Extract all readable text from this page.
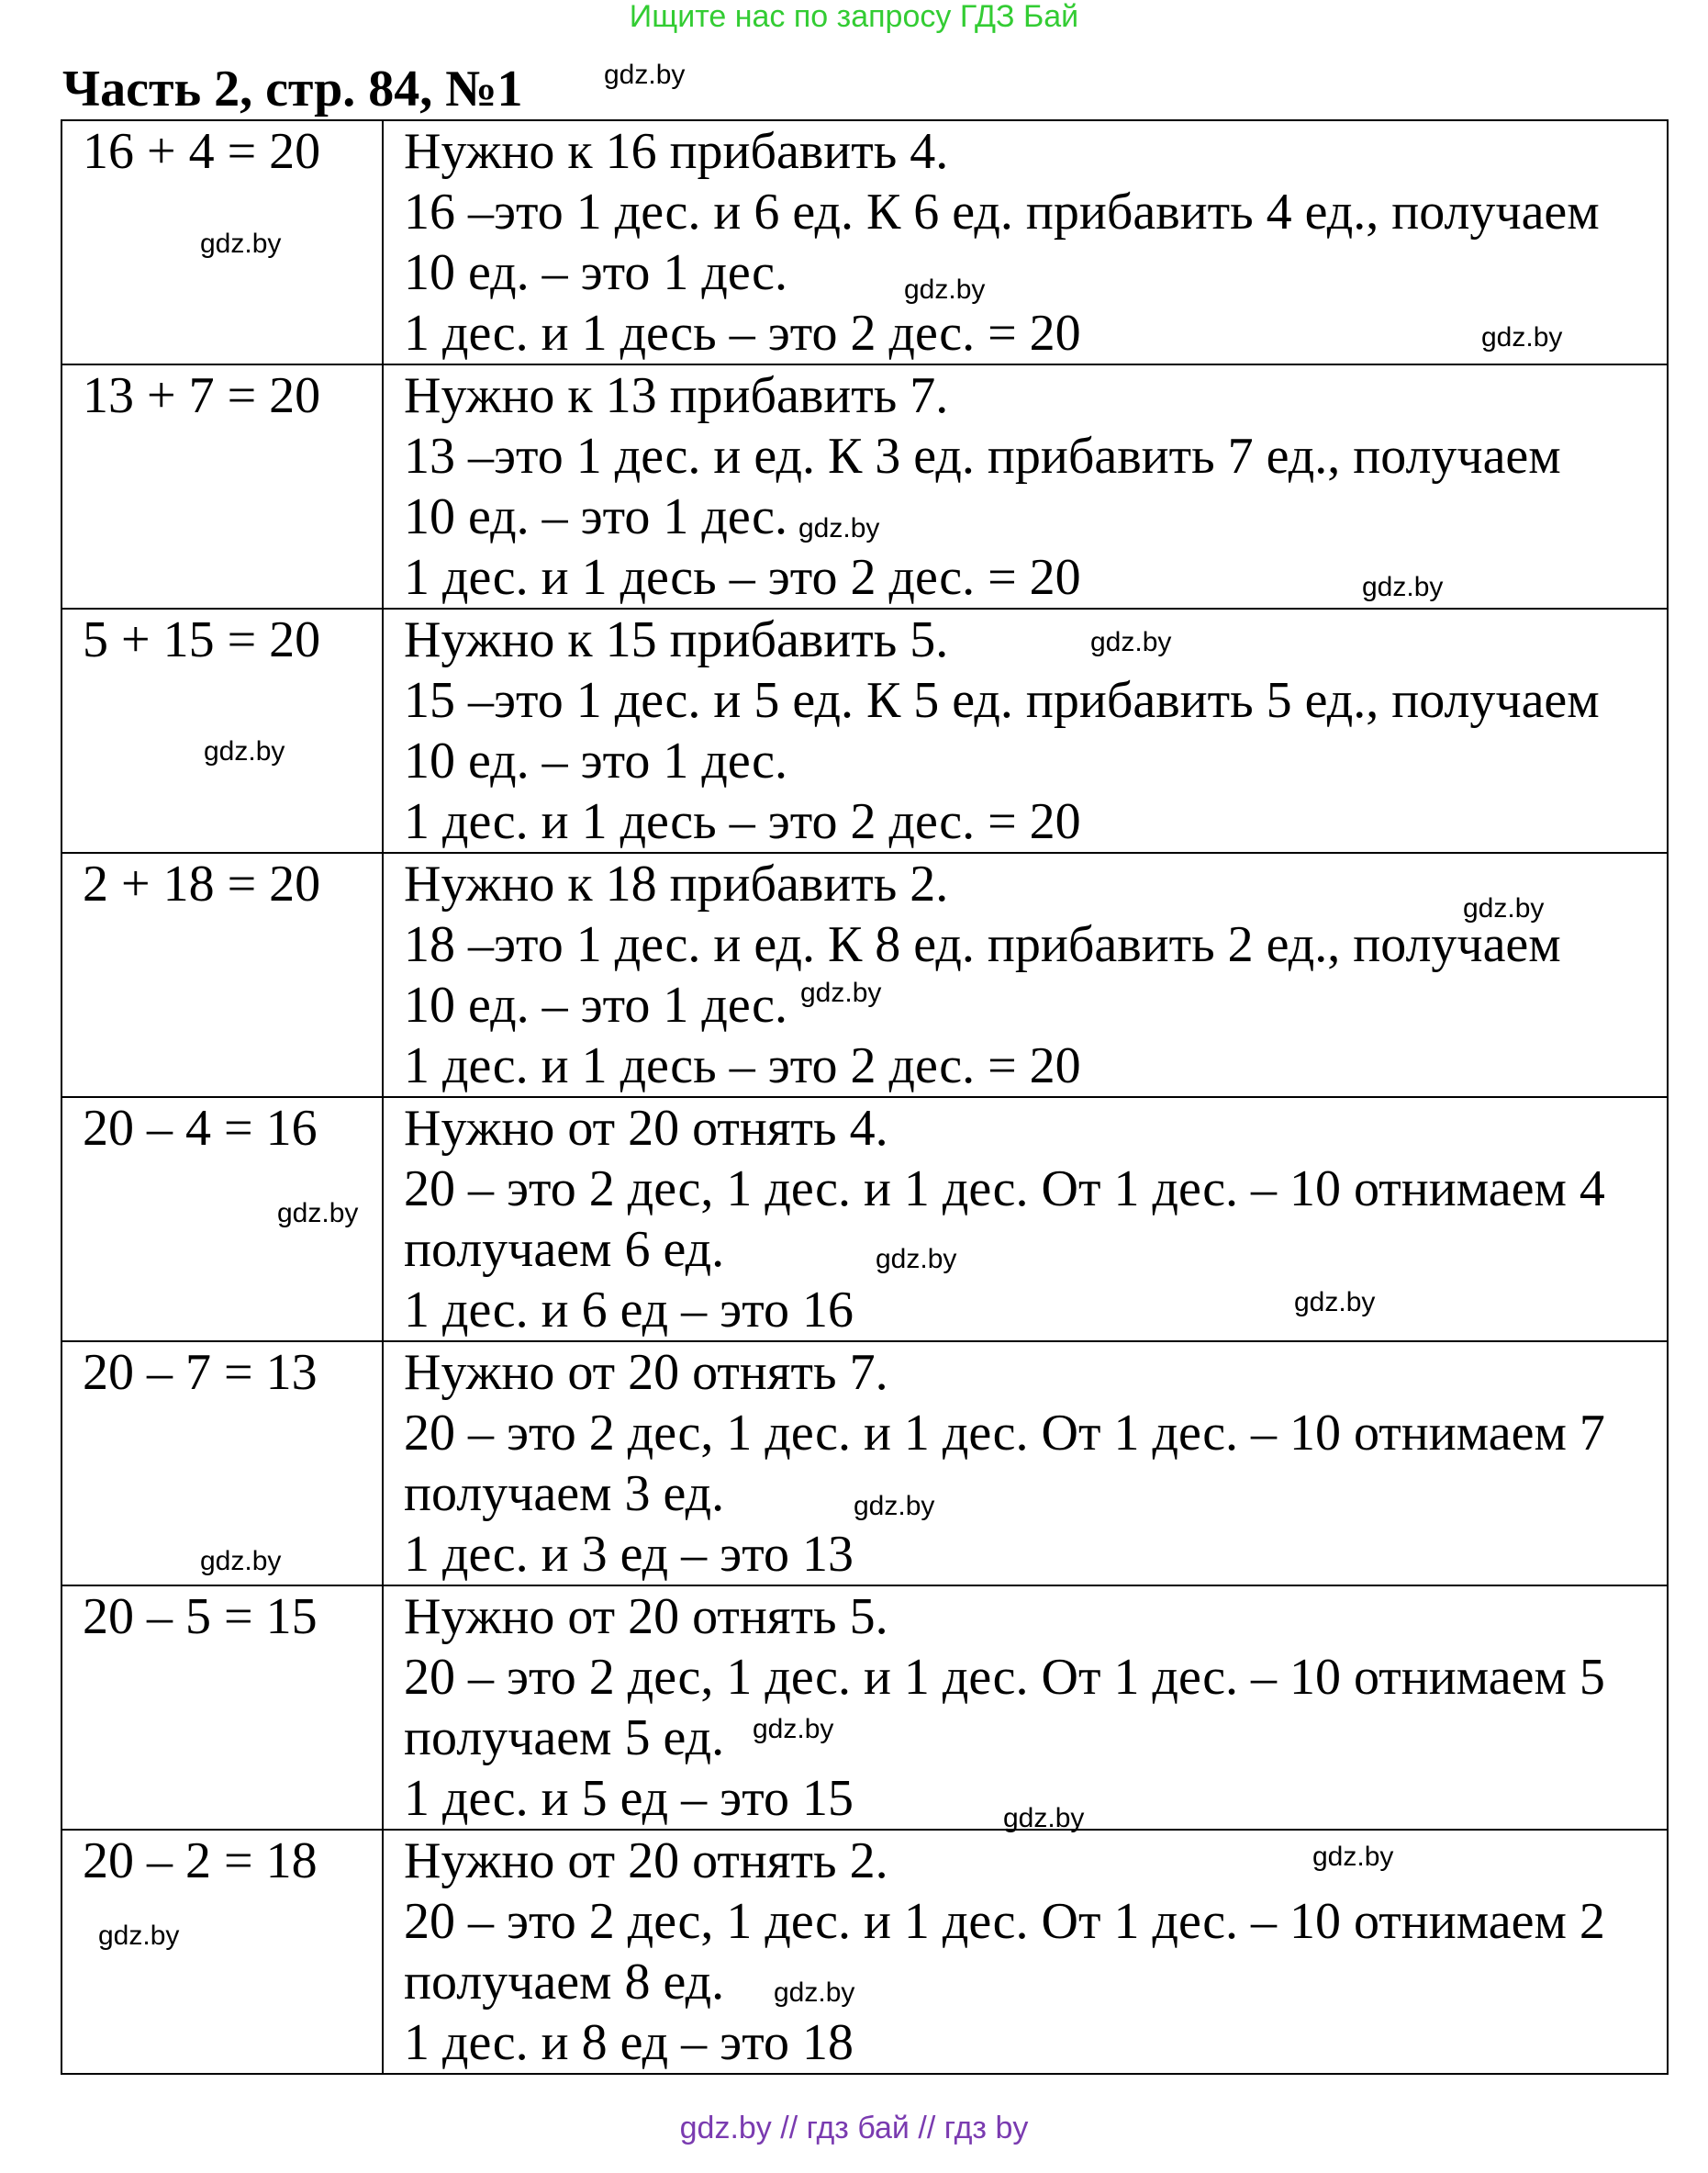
Ищите нас по запросу ГДЗ Бай
Часть 2, стр. 84, №1
16 + 4 = 20	Нужно к 16 прибавить 4.
16 –это 1 дес. и 6 ед. К 6 ед. прибавить 4 ед., получаем
10 ед. – это 1 дес.
1 дес. и 1 десь – это 2 дес. = 20

13 + 7 = 20	Нужно к 13 прибавить 7.
13 –это 1 дес. и ед. К 3 ед. прибавить 7 ед., получаем
10 ед. – это 1 дес.
1 дес. и 1 десь – это 2 дес. = 20

5 + 15 = 20	Нужно к 15 прибавить 5.
15 –это 1 дес. и 5 ед. К 5 ед. прибавить 5 ед., получаем
10 ед. – это 1 дес.
1 дес. и 1 десь – это 2 дес. = 20

2 + 18 = 20	Нужно к 18 прибавить 2.
18 –это 1 дес. и ед. К 8 ед. прибавить 2 ед., получаем
10 ед. – это 1 дес.
1 дес. и 1 десь – это 2 дес. = 20

20 – 4 = 16	Нужно от 20 отнять 4.
20 – это 2 дес, 1 дес. и 1 дес. От 1 дес. – 10 отнимаем 4
получаем 6 ед.
1 дес. и 6 ед – это 16

20 – 7 = 13	Нужно от 20 отнять 7.
20 – это 2 дес, 1 дес. и 1 дес. От 1 дес. – 10 отнимаем 7
получаем 3 ед.
1 дес. и 3 ед – это 13

20 – 5 = 15	Нужно от 20 отнять 5.
20 – это 2 дес, 1 дес. и 1 дес. От 1 дес. – 10 отнимаем 5
получаем 5 ед.
1 дес. и 5 ед – это 15

20 – 2 = 18	Нужно от 20 отнять 2.
20 – это 2 дес, 1 дес. и 1 дес. От 1 дес. – 10 отнимаем 2
получаем 8 ед.
1 дес. и 8 ед – это 18
gdz.by
gdz.by
gdz.by
gdz.by
gdz.by
gdz.by
gdz.by
gdz.by
gdz.by
gdz.by
gdz.by
gdz.by
gdz.by
gdz.by
gdz.by
gdz.by
gdz.by
gdz.by
gdz.by
gdz.by
gdz.by // гдз бай // гдз by
